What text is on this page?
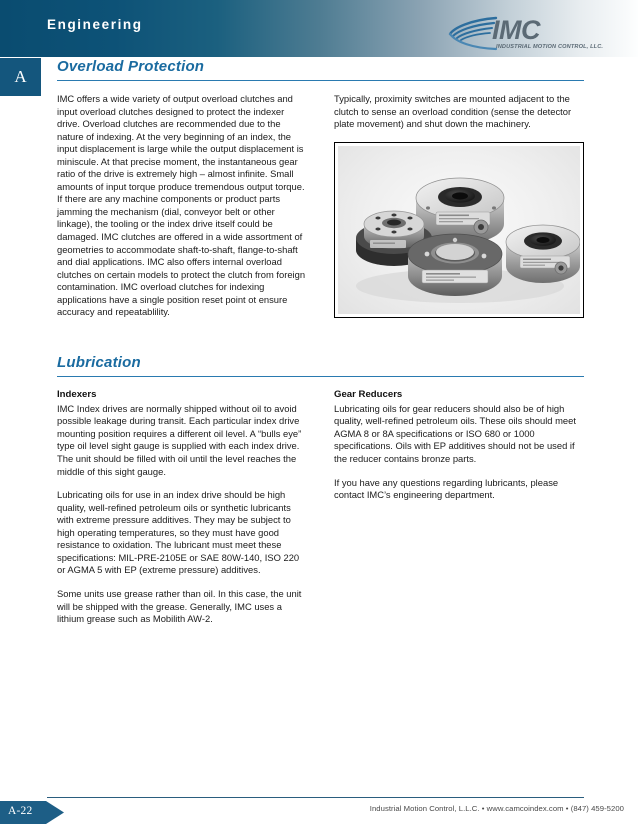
Engineering	IMC
INDUSTRIAL MOTION CONTROL, LLC.
A
Overload Protection

IMC offers a wide variety of output overload clutches and input overload clutches designed to protect the indexer drive. Overload clutches are recommended due to the nature of indexing. At the very beginning of an index, the input displacement is large while the output displacement is miniscule. At that precise moment, the instantaneous gear ratio of the drive is extremely high – almost infinite. Small amounts of input torque produce tremendous output torque. If there are any machine components or product parts jamming the mechanism (dial, conveyor belt or other linkage), the tooling or the index drive itself could be damaged. IMC clutches are offered in a wide assortment of geometries to accommodate shaft-to-shaft, flange-to-shaft and dial applications. IMC also offers internal overload clutches on certain models to protect the clutch from foreign contamination. IMC overload clutches for indexing applications have a single position reset point ot ensure accuracy and repeatablility.

Typically, proximity switches are mounted adjacent to the clutch to sense an overload condition (sense the detector plate movement) and shut down the machinery.

Lubrication
Indexers

IMC Index drives are normally shipped without oil to avoid possible leakage during transit. Each particular index drive mounting position requires a different oil level. A “bulls eye” type oil level sight gauge is supplied with each index drive. The unit should be filled with oil until the level reaches the middle of this sight gauge.

Lubricating oils for use in an index drive should be high quality, well-refined petroleum oils or synthetic lubricants with extreme pressure additives. They may be subject to high operating temperatures, so they must have good resistance to oxidation. The lubricant must meet these specifications: MIL-PRE-2105E or SAE 80W-140, ISO 220 or AGMA 5 with EP (extreme pressure) additives.

Some units use grease rather than oil. In this case, the unit will be shipped with the grease. Generally, IMC uses a lithium grease such as Mobilith AW-2.

Gear Reducers

Lubricating oils for gear reducers should also be of high quality, well-refined petroleum oils. These oils should meet AGMA 8 or 8A specifications or ISO 680 or 1000 specifications. Oils with EP additives should not be used if the reducer contains bronze parts.

If you have any questions regarding lubricants, please contact IMC’s engineering department.

A-22	Industrial Motion Control, L.L.C. • www.camcoindex.com • (847) 459-5200
